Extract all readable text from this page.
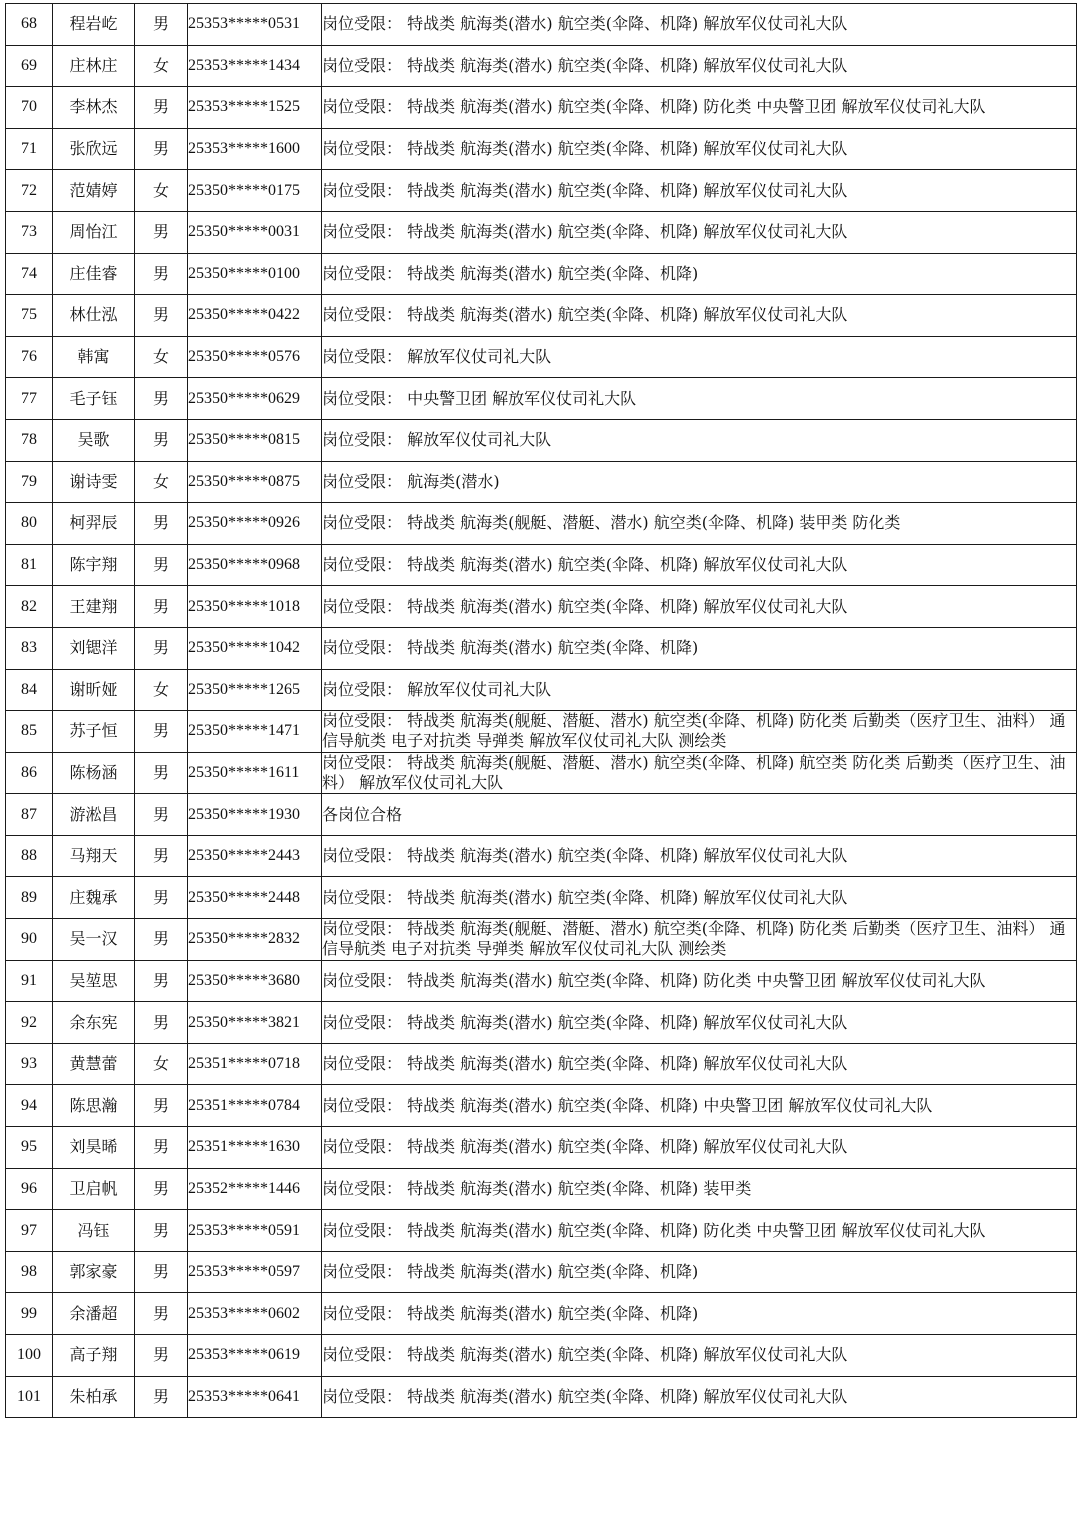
68	程岩屹	男	25353*****0531	岗位受限： 特战类 航海类(潜水) 航空类(伞降、机降) 解放军仪仗司礼大队
69	庄林庄	女	25353*****1434	岗位受限： 特战类 航海类(潜水) 航空类(伞降、机降) 解放军仪仗司礼大队
70	李林杰	男	25353*****1525	岗位受限： 特战类 航海类(潜水) 航空类(伞降、机降) 防化类 中央警卫团 解放军仪仗司礼大队
71	张欣远	男	25353*****1600	岗位受限： 特战类 航海类(潜水) 航空类(伞降、机降) 解放军仪仗司礼大队
72	范婧婷	女	25350*****0175	岗位受限： 特战类 航海类(潜水) 航空类(伞降、机降) 解放军仪仗司礼大队
73	周怡江	男	25350*****0031	岗位受限： 特战类 航海类(潜水) 航空类(伞降、机降) 解放军仪仗司礼大队
74	庄佳睿	男	25350*****0100	岗位受限： 特战类 航海类(潜水) 航空类(伞降、机降)
75	林仕泓	男	25350*****0422	岗位受限： 特战类 航海类(潜水) 航空类(伞降、机降) 解放军仪仗司礼大队
76	韩寓	女	25350*****0576	岗位受限： 解放军仪仗司礼大队
77	毛子钰	男	25350*****0629	岗位受限： 中央警卫团 解放军仪仗司礼大队
78	吴歌	男	25350*****0815	岗位受限： 解放军仪仗司礼大队
79	谢诗雯	女	25350*****0875	岗位受限： 航海类(潜水)
80	柯羿辰	男	25350*****0926	岗位受限： 特战类 航海类(舰艇、潜艇、潜水) 航空类(伞降、机降) 装甲类 防化类
81	陈宇翔	男	25350*****0968	岗位受限： 特战类 航海类(潜水) 航空类(伞降、机降) 解放军仪仗司礼大队
82	王建翔	男	25350*****1018	岗位受限： 特战类 航海类(潜水) 航空类(伞降、机降) 解放军仪仗司礼大队
83	刘锶洋	男	25350*****1042	岗位受限： 特战类 航海类(潜水) 航空类(伞降、机降)
84	谢昕娅	女	25350*****1265	岗位受限： 解放军仪仗司礼大队
85	苏子恒	男	25350*****1471	岗位受限： 特战类 航海类(舰艇、潜艇、潜水) 航空类(伞降、机降) 防化类 后勤类（医疗卫生、油料） 通信导航类 电子对抗类 导弹类 解放军仪仗司礼大队 测绘类
86	陈杨涵	男	25350*****1611	岗位受限： 特战类 航海类(舰艇、潜艇、潜水) 航空类(伞降、机降) 航空类 防化类 后勤类（医疗卫生、油料） 解放军仪仗司礼大队
87	游淞昌	男	25350*****1930	各岗位合格
88	马翔天	男	25350*****2443	岗位受限： 特战类 航海类(潜水) 航空类(伞降、机降) 解放军仪仗司礼大队
89	庄魏承	男	25350*****2448	岗位受限： 特战类 航海类(潜水) 航空类(伞降、机降) 解放军仪仗司礼大队
90	吴一汉	男	25350*****2832	岗位受限： 特战类 航海类(舰艇、潜艇、潜水) 航空类(伞降、机降) 防化类 后勤类（医疗卫生、油料） 通信导航类 电子对抗类 导弹类 解放军仪仗司礼大队 测绘类
91	吴堃思	男	25350*****3680	岗位受限： 特战类 航海类(潜水) 航空类(伞降、机降) 防化类 中央警卫团 解放军仪仗司礼大队
92	余东宪	男	25350*****3821	岗位受限： 特战类 航海类(潜水) 航空类(伞降、机降) 解放军仪仗司礼大队
93	黄慧蕾	女	25351*****0718	岗位受限： 特战类 航海类(潜水) 航空类(伞降、机降) 解放军仪仗司礼大队
94	陈思瀚	男	25351*****0784	岗位受限： 特战类 航海类(潜水) 航空类(伞降、机降) 中央警卫团 解放军仪仗司礼大队
95	刘昊晞	男	25351*****1630	岗位受限： 特战类 航海类(潜水) 航空类(伞降、机降) 解放军仪仗司礼大队
96	卫启帆	男	25352*****1446	岗位受限： 特战类 航海类(潜水) 航空类(伞降、机降) 装甲类
97	冯钰	男	25353*****0591	岗位受限： 特战类 航海类(潜水) 航空类(伞降、机降) 防化类 中央警卫团 解放军仪仗司礼大队
98	郭家豪	男	25353*****0597	岗位受限： 特战类 航海类(潜水) 航空类(伞降、机降)
99	余潘超	男	25353*****0602	岗位受限： 特战类 航海类(潜水) 航空类(伞降、机降)
100	高子翔	男	25353*****0619	岗位受限： 特战类 航海类(潜水) 航空类(伞降、机降) 解放军仪仗司礼大队
101	朱柏承	男	25353*****0641	岗位受限： 特战类 航海类(潜水) 航空类(伞降、机降) 解放军仪仗司礼大队
